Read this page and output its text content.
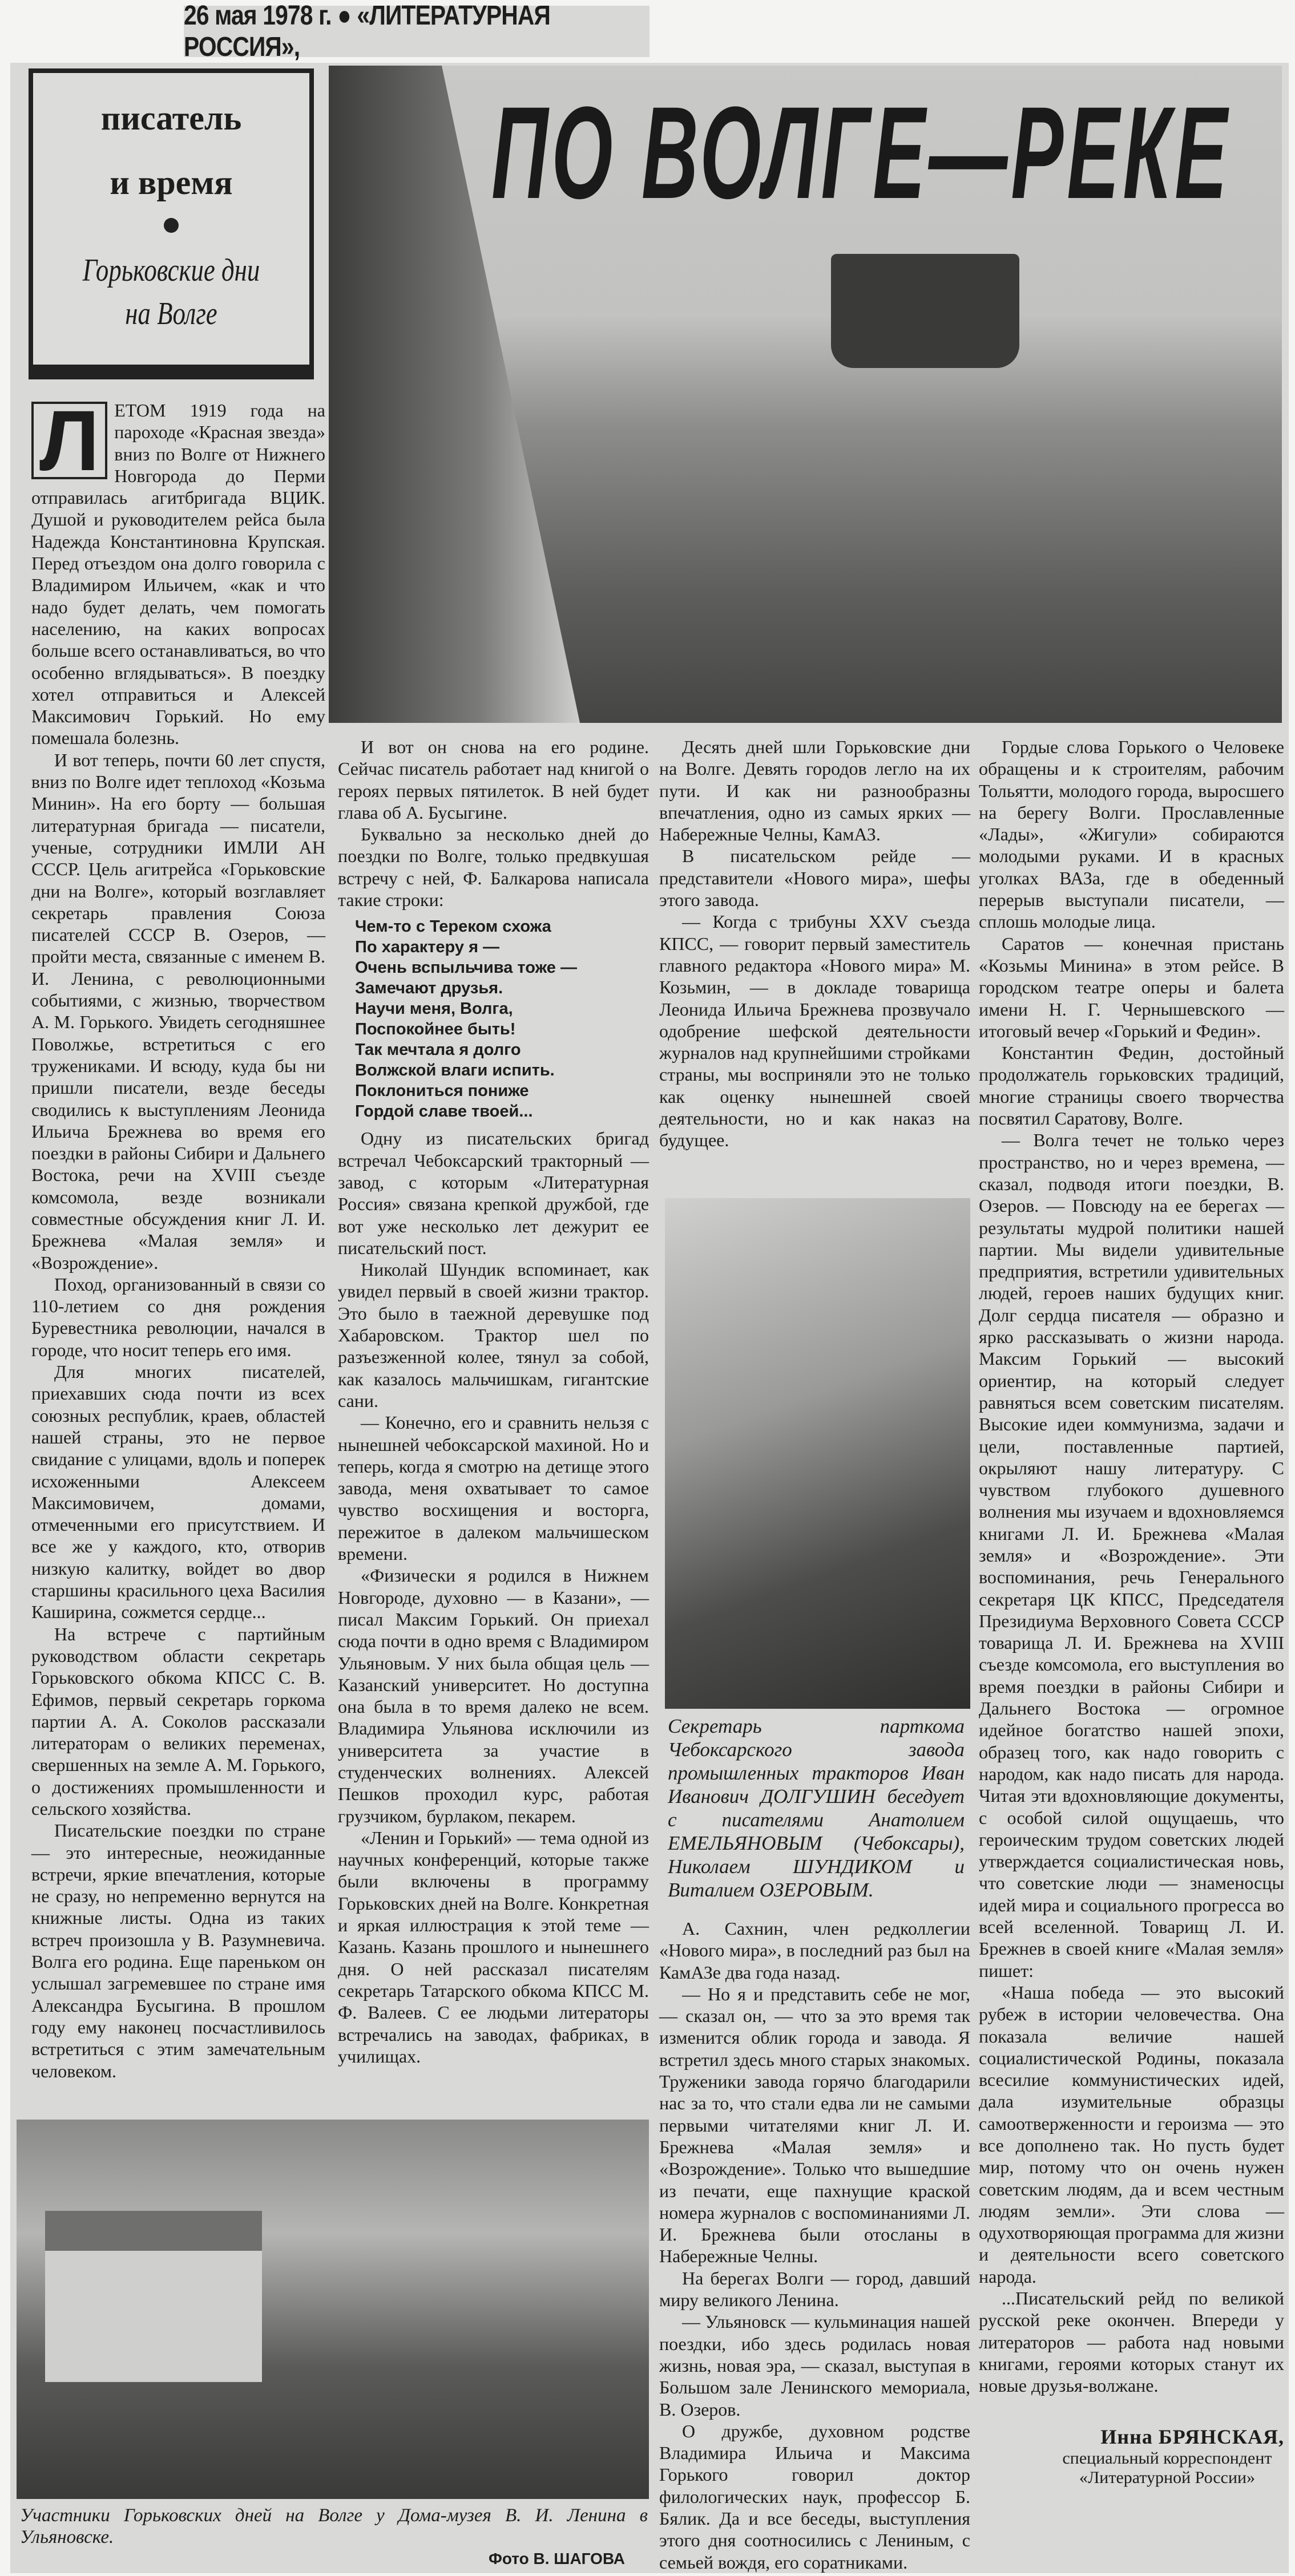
26 мая 1978 г. ● «ЛИТЕРАТУРНАЯ РОССИЯ»,
ПО ВОЛГЕ—РЕКЕ
писатель
и время
Горьковские дни
на Волге
Л ЕТОМ 1919 года на пароходе «Красная звезда» вниз по Волге от Нижнего Новгорода до Перми отправилась агитбригада ВЦИК. Душой и руководителем рейса была Надежда Константиновна Крупская. Перед отъездом она долго говорила с Владимиром Ильичем, «как и что надо будет делать, чем помогать населению, на каких вопросах больше всего останавливаться, во что особенно вглядываться». В поездку хотел отправиться и Алексей Максимович Горький. Но ему помешала болезнь.

И вот теперь, почти 60 лет спустя, вниз по Волге идет теплоход «Козьма Минин». На его борту — большая литературная бригада — писатели, ученые, сотрудники ИМЛИ АН СССР. Цель агитрейса «Горьковские дни на Волге», который возглавляет секретарь правления Союза писателей СССР В. Озеров, — пройти места, связанные с именем В. И. Ленина, с революционными событиями, с жизнью, творчеством А. М. Горького. Увидеть сегодняшнее Поволжье, встретиться с его тружениками. И всюду, куда бы ни пришли писатели, везде беседы сводились к выступлениям Леонида Ильича Брежнева во время его поездки в районы Сибири и Дальнего Востока, речи на XVIII съезде комсомола, везде возникали совместные обсуждения книг Л. И. Брежнева «Малая земля» и «Возрождение».

Поход, организованный в связи со 110-летием со дня рождения Буревестника революции, начался в городе, что носит теперь его имя.

Для многих писателей, приехавших сюда почти из всех союзных республик, краев, областей нашей страны, это не первое свидание с улицами, вдоль и поперек исхоженными Алексеем Максимовичем, домами, отмеченными его присутствием. И все же у каждого, кто, отворив низкую калитку, войдет во двор старшины красильного цеха Василия Каширина, сожмется сердце...

На встрече с партийным руководством области секретарь Горьковского обкома КПСС С. В. Ефимов, первый секретарь горкома партии А. А. Соколов рассказали литераторам о великих переменах, свершенных на земле А. М. Горького, о достижениях промышленности и сельского хозяйства.

Писательские поездки по стране — это интересные, неожиданные встречи, яркие впечатления, которые не сразу, но непременно вернутся на книжные листы. Одна из таких встреч произошла у В. Разумневича. Волга его родина. Еще пареньком он услышал загремевшее по стране имя Александра Бусыгина. В прошлом году ему наконец посчастливилось встретиться с этим замечательным человеком.

И вот он снова на его родине. Сейчас писатель работает над книгой о героях первых пятилеток. В ней будет глава об А. Бусыгине.

Буквально за несколько дней до поездки по Волге, только предвкушая встречу с ней, Ф. Балкарова написала такие строки:

Чем-то с Тереком схожа
По характеру я —
Очень вспыльчива тоже —
Замечают друзья.
Научи меня, Волга,
Поспокойнее быть!
Так мечтала я долго
Волжской влаги испить.
Поклониться пониже
Гордой славе твоей...

Одну из писательских бригад встречал Чебоксарский тракторный — завод, с которым «Литературная Россия» связана крепкой дружбой, где вот уже несколько лет дежурит ее писательский пост.

Николай Шундик вспоминает, как увидел первый в своей жизни трактор. Это было в таежной деревушке под Хабаровском. Трактор шел по разъезженной колее, тянул за собой, как казалось мальчишкам, гигантские сани.

— Конечно, его и сравнить нельзя с нынешней чебоксарской махиной. Но и теперь, когда я смотрю на детище этого завода, меня охватывает то самое чувство восхищения и восторга, пережитое в далеком мальчишеском времени.

«Физически я родился в Нижнем Новгороде, духовно — в Казани», — писал Максим Горький. Он приехал сюда почти в одно время с Владимиром Ульяновым. У них была общая цель — Казанский университет. Но доступна она была в то время далеко не всем. Владимира Ульянова исключили из университета за участие в студенческих волнениях. Алексей Пешков проходил курс, работая грузчиком, бурлаком, пекарем.

«Ленин и Горький» — тема одной из научных конференций, которые также были включены в программу Горьковских дней на Волге. Конкретная и яркая иллюстрация к этой теме — Казань. Казань прошлого и нынешнего дня. О ней рассказал писателям секретарь Татарского обкома КПСС М. Ф. Валеев. С ее людьми литераторы встречались на заводах, фабриках, в училищах.

Десять дней шли Горьковские дни на Волге. Девять городов легло на их пути. И как ни разнообразны впечатления, одно из самых ярких — Набережные Челны, КамАЗ.

В писательском рейде — представители «Нового мира», шефы этого завода.

— Когда с трибуны XXV съезда КПСС, — говорит первый заместитель главного редактора «Нового мира» М. Козьмин, — в докладе товарища Леонида Ильича Брежнева прозвучало одобрение шефской деятельности журналов над крупнейшими стройками страны, мы восприняли это не только как оценку нынешней своей деятельности, но и как наказ на будущее.

Секретарь парткома Чебоксарского завода промышленных тракторов Иван Иванович ДОЛГУШИН беседует с писателями Анатолием ЕМЕЛЬЯНОВЫМ (Чебоксары), Николаем ШУНДИКОМ и Виталием ОЗЕРОВЫМ.

А. Сахнин, член редколлегии «Нового мира», в последний раз был на КамАЗе два года назад.

— Но я и представить себе не мог, — сказал он, — что за это время так изменится облик города и завода. Я встретил здесь много старых знакомых. Труженики завода горячо благодарили нас за то, что стали едва ли не самыми первыми читателями книг Л. И. Брежнева «Малая земля» и «Возрождение». Только что вышедшие из печати, еще пахнущие краской номера журналов с воспоминаниями Л. И. Брежнева были отосланы в Набережные Челны.

На берегах Волги — город, давший миру великого Ленина.

— Ульяновск — кульминация нашей поездки, ибо здесь родилась новая жизнь, новая эра, — сказал, выступая в Большом зале Ленинского мемориала, В. Озеров.

О дружбе, духовном родстве Владимира Ильича и Максима Горького говорил доктор филологических наук, профессор Б. Бялик. Да и все беседы, выступления этого дня соотносились с Лениным, с семьей вождя, его соратниками.

Гордые слова Горького о Человеке обращены и к строителям, рабочим Тольятти, молодого города, выросшего на берегу Волги. Прославленные «Лады», «Жигули» собираются молодыми руками. И в красных уголках ВАЗа, где в обеденный перерыв выступали писатели, — сплошь молодые лица.

Саратов — конечная пристань «Козьмы Минина» в этом рейсе. В городском театре оперы и балета имени Н. Г. Чернышевского — итоговый вечер «Горький и Федин».

Константин Федин, достойный продолжатель горьковских традиций, многие страницы своего творчества посвятил Саратову, Волге.

— Волга течет не только через пространство, но и через времена, — сказал, подводя итоги поездки, В. Озеров. — Повсюду на ее берегах — результаты мудрой политики нашей партии. Мы видели удивительные предприятия, встретили удивительных людей, героев наших будущих книг. Долг сердца писателя — образно и ярко рассказывать о жизни народа. Максим Горький — высокий ориентир, на который следует равняться всем советским писателям. Высокие идеи коммунизма, задачи и цели, поставленные партией, окрыляют нашу литературу. С чувством глубокого душевного волнения мы изучаем и вдохновляемся книгами Л. И. Брежнева «Малая земля» и «Возрождение». Эти воспоминания, речь Генерального секретаря ЦК КПСС, Председателя Президиума Верховного Совета СССР товарища Л. И. Брежнева на XVIII съезде комсомола, его выступления во время поездки в районы Сибири и Дальнего Востока — огромное идейное богатство нашей эпохи, образец того, как надо говорить с народом, как надо писать для народа. Читая эти вдохновляющие документы, с особой силой ощущаешь, что героическим трудом советских людей утверждается социалистическая новь, что советские люди — знаменосцы идей мира и социального прогресса во всей вселенной. Товарищ Л. И. Брежнев в своей книге «Малая земля» пишет:

«Наша победа — это высокий рубеж в истории человечества. Она показала величие нашей социалистической Родины, показала всесилие коммунистических идей, дала изумительные образцы самоотверженности и героизма — это все дополнено так. Но пусть будет мир, потому что он очень нужен советским людям, да и всем честным людям земли». Эти слова — одухотворяющая программа для жизни и деятельности всего советского народа.

...Писательский рейд по великой русской реке окончен. Впереди у литераторов — работа над новыми книгами, героями которых станут их новые друзья-волжане.

Инна БРЯНСКАЯ,
специальный корреспондент «Литературной России»
Участники Горьковских дней на Волге у Дома-музея В. И. Ленина в Ульяновске.
Фото В. ШАГОВА
